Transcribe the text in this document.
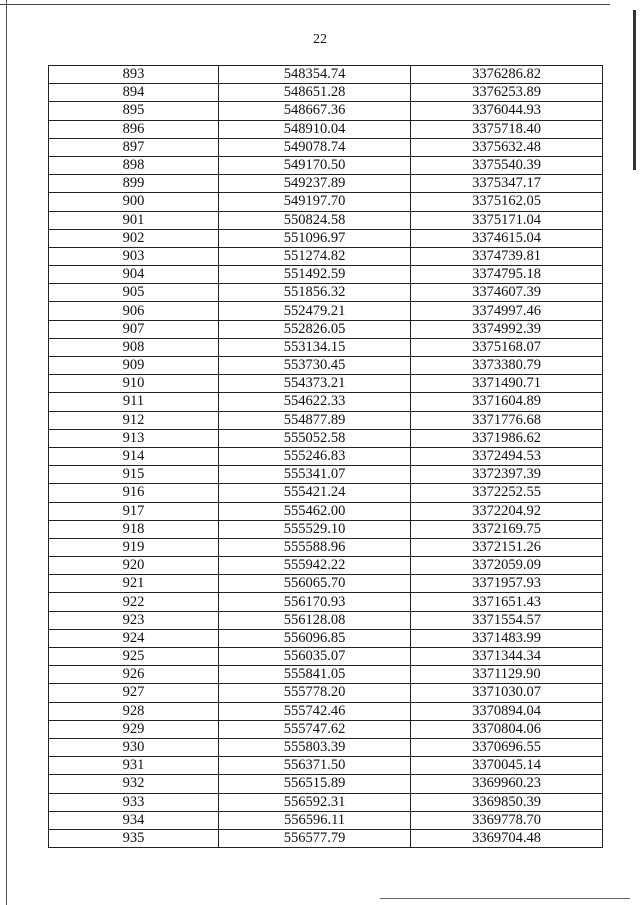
22
893	548354.74	3376286.82
894	548651.28	3376253.89
895	548667.36	3376044.93
896	548910.04	3375718.40
897	549078.74	3375632.48
898	549170.50	3375540.39
899	549237.89	3375347.17
900	549197.70	3375162.05
901	550824.58	3375171.04
902	551096.97	3374615.04
903	551274.82	3374739.81
904	551492.59	3374795.18
905	551856.32	3374607.39
906	552479.21	3374997.46
907	552826.05	3374992.39
908	553134.15	3375168.07
909	553730.45	3373380.79
910	554373.21	3371490.71
911	554622.33	3371604.89
912	554877.89	3371776.68
913	555052.58	3371986.62
914	555246.83	3372494.53
915	555341.07	3372397.39
916	555421.24	3372252.55
917	555462.00	3372204.92
918	555529.10	3372169.75
919	555588.96	3372151.26
920	555942.22	3372059.09
921	556065.70	3371957.93
922	556170.93	3371651.43
923	556128.08	3371554.57
924	556096.85	3371483.99
925	556035.07	3371344.34
926	555841.05	3371129.90
927	555778.20	3371030.07
928	555742.46	3370894.04
929	555747.62	3370804.06
930	555803.39	3370696.55
931	556371.50	3370045.14
932	556515.89	3369960.23
933	556592.31	3369850.39
934	556596.11	3369778.70
935	556577.79	3369704.48
